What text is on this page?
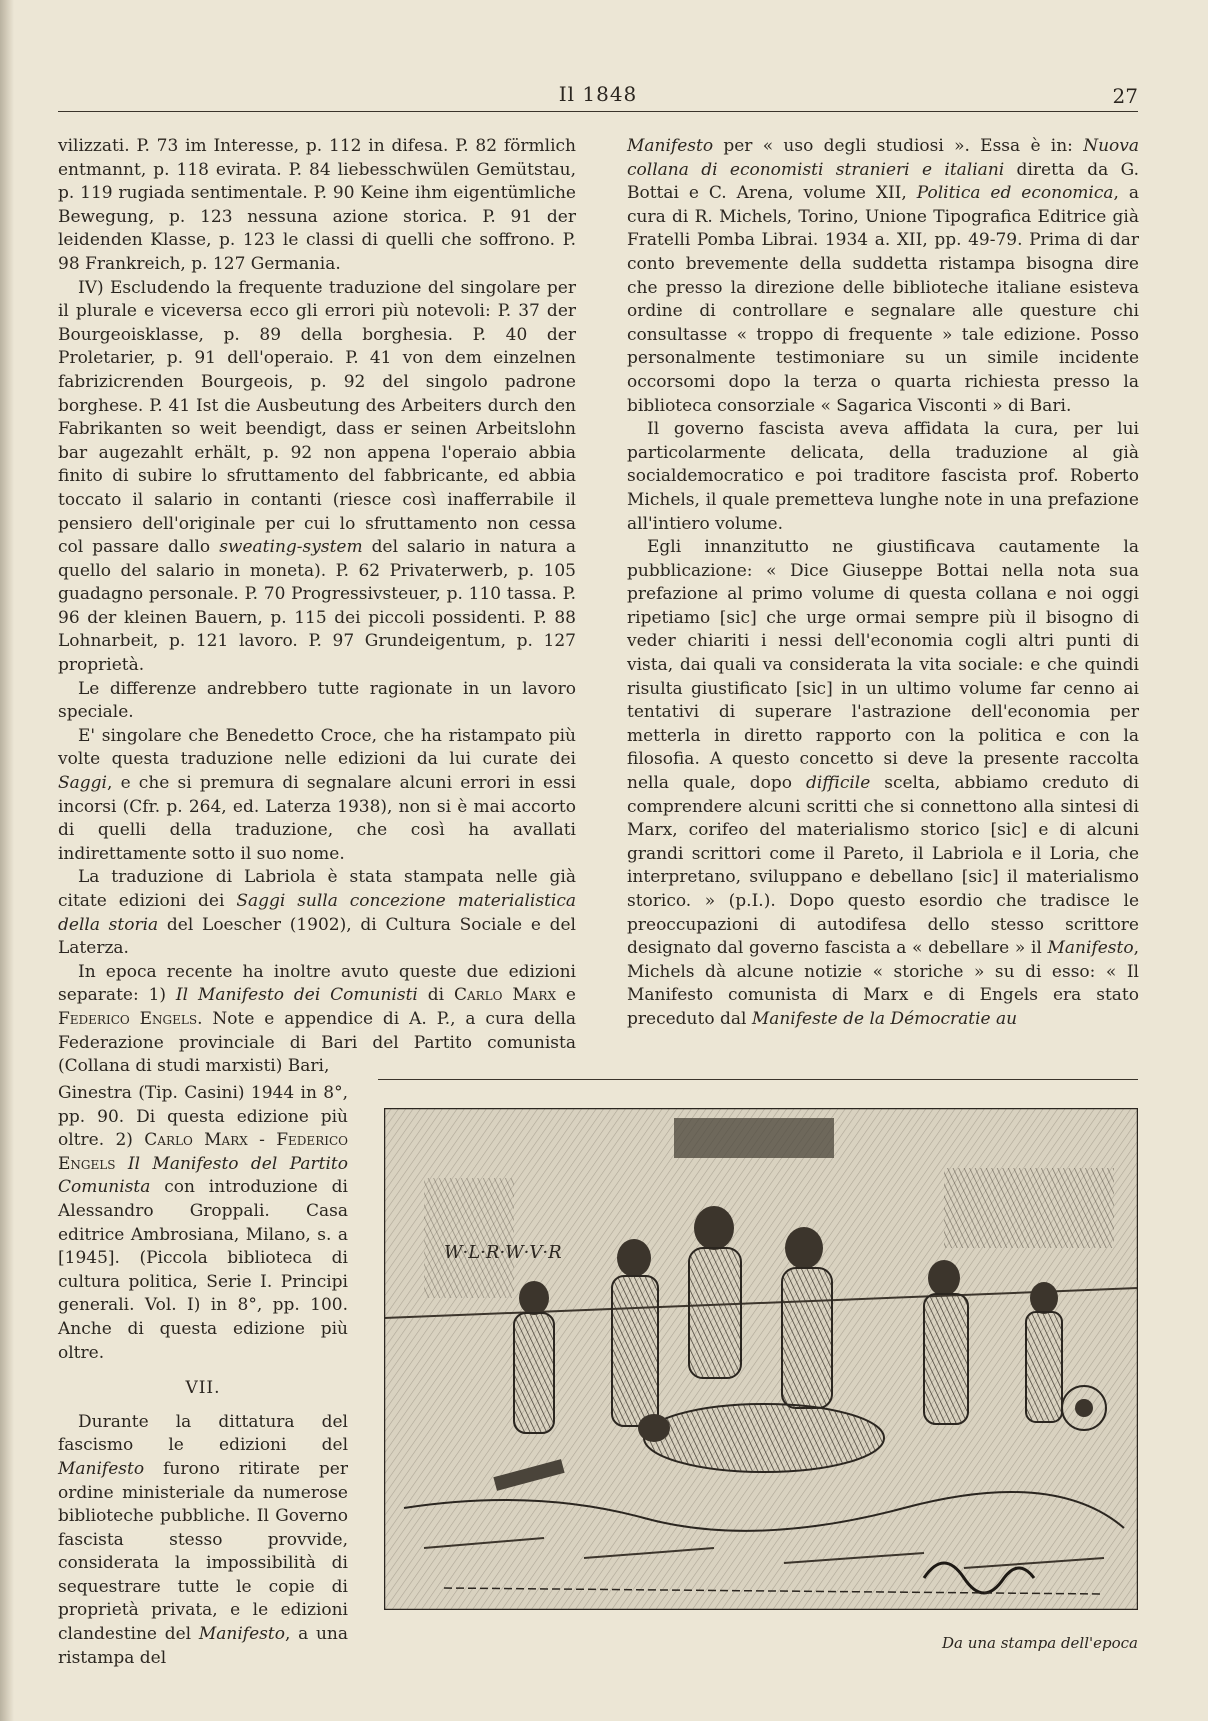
Il 1848	27

vilizzati. P. 73 im Interesse, p. 112 in difesa. P. 82 förmlich entmannt, p. 118 evirata. P. 84 liebesschwülen Gemütstau, p. 119 rugiada sentimentale. P. 90 Keine ihm eigentümliche Bewegung, p. 123 nessuna azione storica. P. 91 der leidenden Klasse, p. 123 le classi di quelli che soffrono. P. 98 Frankreich, p. 127 Germania.

IV) Escludendo la frequente traduzione del singolare per il plurale e viceversa ecco gli errori più notevoli: P. 37 der Bourgeoisklasse, p. 89 della borghesia. P. 40 der Proletarier, p. 91 dell'operaio. P. 41 von dem einzelnen fabrizicrenden Bourgeois, p. 92 del singolo padrone borghese. P. 41 Ist die Ausbeutung des Arbeiters durch den Fabrikanten so weit beendigt, dass er seinen Arbeitslohn bar augezahlt erhält, p. 92 non appena l'operaio abbia finito di subire lo sfruttamento del fabbricante, ed abbia toccato il salario in contanti (riesce così inafferrabile il pensiero dell'originale per cui lo sfruttamento non cessa col passare dallo sweating-system del salario in natura a quello del salario in moneta). P. 62 Privaterwerb, p. 105 guadagno personale. P. 70 Progressivsteuer, p. 110 tassa. P. 96 der kleinen Bauern, p. 115 dei piccoli possidenti. P. 88 Lohnarbeit, p. 121 lavoro. P. 97 Grundeigentum, p. 127 proprietà.

Le differenze andrebbero tutte ragionate in un lavoro speciale.

E' singolare che Benedetto Croce, che ha ristampato più volte questa traduzione nelle edizioni da lui curate dei Saggi, e che si premura di segnalare alcuni errori in essi incorsi (Cfr. p. 264, ed. Laterza 1938), non si è mai accorto di quelli della traduzione, che così ha avallati indirettamente sotto il suo nome.

La traduzione di Labriola è stata stampata nelle già citate edizioni dei Saggi sulla concezione materialistica della storia del Loescher (1902), di Cultura Sociale e del Laterza.

In epoca recente ha inoltre avuto queste due edizioni separate: 1) Il Manifesto dei Comunisti di Carlo Marx e Federico Engels. Note e appendice di A. P., a cura della Federazione provinciale di Bari del Partito comunista (Collana di studi marxisti) Bari,

Ginestra (Tip. Casini) 1944 in 8°, pp. 90. Di questa edizione più oltre. 2) Carlo Marx - Federico Engels Il Manifesto del Partito Comunista con introduzione di Alessandro Groppali. Casa editrice Ambrosiana, Milano, s. a [1945]. (Piccola biblioteca di cultura politica, Serie I. Principi generali. Vol. I) in 8°, pp. 100. Anche di questa edizione più oltre.

VII.

Durante la dittatura del fascismo le edizioni del Manifesto furono ritirate per ordine ministeriale da numerose biblioteche pubbliche. Il Governo fascista stesso provvide, considerata la impossibilità di sequestrare tutte le copie di proprietà privata, e le edizioni clandestine del Manifesto, a una ristampa del

Manifesto per « uso degli studiosi ». Essa è in: Nuova collana di economisti stranieri e italiani diretta da G. Bottai e C. Arena, volume XII, Politica ed economica, a cura di R. Michels, Torino, Unione Tipografica Editrice già Fratelli Pomba Librai. 1934 a. XII, pp. 49-79. Prima di dar conto brevemente della suddetta ristampa bisogna dire che presso la direzione delle biblioteche italiane esisteva ordine di controllare e segnalare alle questure chi consultasse « troppo di frequente » tale edizione. Posso personalmente testimoniare su un simile incidente occorsomi dopo la terza o quarta richiesta presso la biblioteca consorziale « Sagarica Visconti » di Bari.

Il governo fascista aveva affidata la cura, per lui particolarmente delicata, della traduzione al già socialdemocratico e poi traditore fascista prof. Roberto Michels, il quale premetteva lunghe note in una prefazione all'intiero volume.

Egli innanzitutto ne giustificava cautamente la pubblicazione: « Dice Giuseppe Bottai nella nota sua prefazione al primo volume di questa collana e noi oggi ripetiamo [sic] che urge ormai sempre più il bisogno di veder chiariti i nessi dell'economia cogli altri punti di vista, dai quali va considerata la vita sociale: e che quindi risulta giustificato [sic] in un ultimo volume far cenno ai tentativi di superare l'astrazione dell'economia per metterla in diretto rapporto con la politica e con la filosofia. A questo concetto si deve la presente raccolta nella quale, dopo difficile scelta, abbiamo creduto di comprendere alcuni scritti che si connettono alla sintesi di Marx, corifeo del materialismo storico [sic] e di alcuni grandi scrittori come il Pareto, il Labriola e il Loria, che interpretano, sviluppano e debellano [sic] il materialismo storico. » (p.I.). Dopo questo esordio che tradisce le preoccupazioni di autodifesa dello stesso scrittore designato dal governo fascista a « debellare » il Manifesto, Michels dà alcune notizie « storiche » su di esso: « Il Manifesto comunista di Marx e di Engels era stato preceduto dal Manifeste de la Démocratie au

W·L·R·W·V·R
Da una stampa dell'epoca
